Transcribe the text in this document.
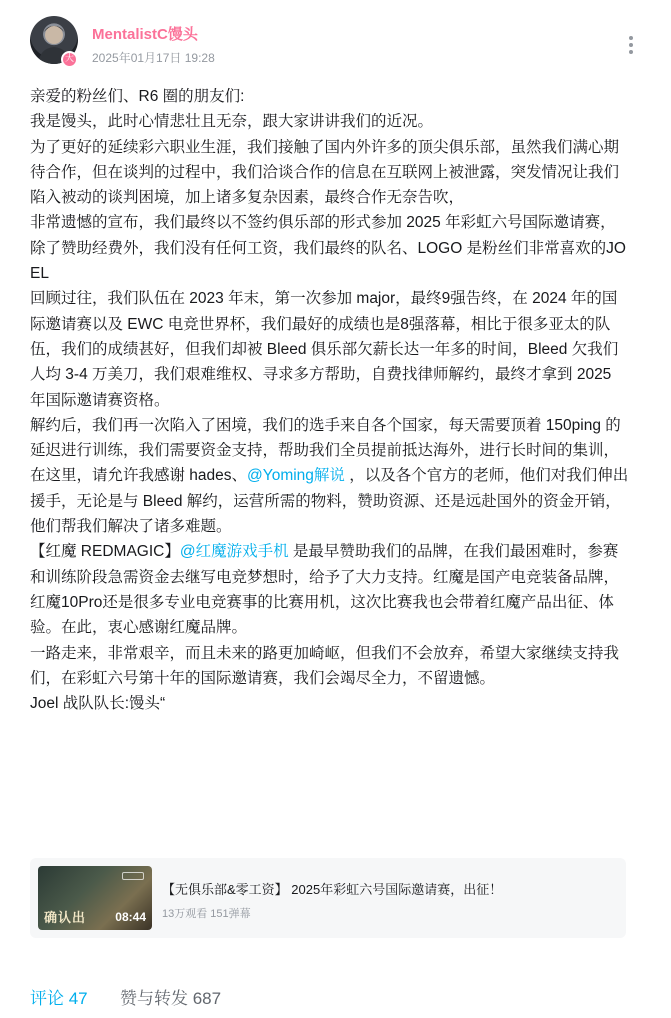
大
MentalistC馒头
2025年01月17日 19:28

亲爱的粉丝们、R6 圈的朋友们:

我是馒头，此时心情悲壮且无奈，跟大家讲讲我们的近况。

为了更好的延续彩六职业生涯，我们接触了国内外许多的顶尖俱乐部，虽然我们满心期待合作，但在谈判的过程中，我们洽谈合作的信息在互联网上被泄露，突发情况让我们陷入被动的谈判困境，加上诸多复杂因素，最终合作无奈告吹，

非常遗憾的宣布，我们最终以不签约俱乐部的形式参加 2025 年彩虹六号国际邀请赛，除了赞助经费外，我们没有任何工资，我们最终的队名、LOGO 是粉丝们非常喜欢的JOEL

回顾过往，我们队伍在 2023 年末，第一次参加 major，最终9强告终，在 2024 年的国际邀请赛以及 EWC 电竞世界杯，我们最好的成绩也是8强落幕，相比于很多亚太的队伍，我们的成绩甚好，但我们却被 Bleed 俱乐部欠薪长达一年多的时间，Bleed 欠我们人均 3-4 万美刀，我们艰难维权、寻求多方帮助，自费找律师解约，最终才拿到 2025 年国际邀请赛资格。

解约后，我们再一次陷入了困境，我们的选手来自各个国家，每天需要顶着 150ping 的延迟进行训练，我们需要资金支持，帮助我们全员提前抵达海外，进行长时间的集训，

在这里，请允许我感谢 hades、@Yoming解说 ，以及各个官方的老师，他们对我们伸出援手，无论是与 Bleed 解约，运营所需的物料，赞助资源、还是远赴国外的资金开销，他们帮我们解决了诸多难题。

【红魔 REDMAGIC】@红魔游戏手机 是最早赞助我们的品牌，在我们最困难时，参赛和训练阶段急需资金去继写电竞梦想时，给予了大力支持。红魔是国产电竞装备品牌，红魔10Pro还是很多专业电竞赛事的比赛用机，这次比赛我也会带着红魔产品出征、体验。在此，衷心感谢红魔品牌。

一路走来，非常艰辛，而且未来的路更加崎岖，但我们不会放弃，希望大家继续支持我们，在彩虹六号第十年的国际邀请赛，我们会竭尽全力，不留遗憾。

Joel 战队队长:馒头“

确认出 08:44
【无俱乐部&零工资】 2025年彩虹六号国际邀请赛，出征！
13万观看 151弹幕
评论 47 赞与转发 687
